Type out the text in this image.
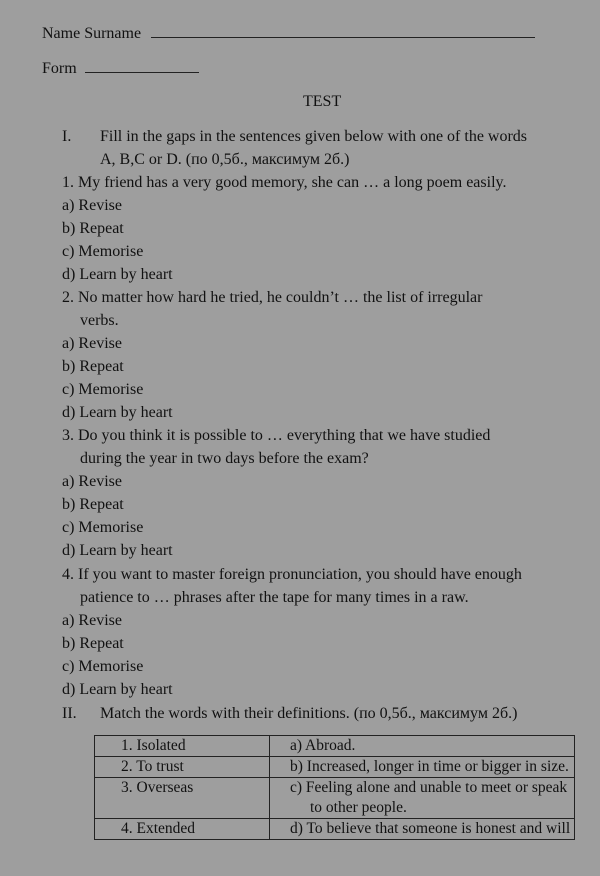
Name Surname
Form
TEST
I. Fill in the gaps in the sentences given below with one of the words
A, B,C or D. (по 0,5б., максимум 2б.)
1. My friend has a very good memory, she can … a long poem easily.
a) Revise
b) Repeat
c) Memorise
d) Learn by heart
2. No matter how hard he tried, he couldn’t … the list of irregular
verbs.
a) Revise
b) Repeat
c) Memorise
d) Learn by heart
3. Do you think it is possible to … everything that we have studied
during the year in two days before the exam?
a) Revise
b) Repeat
c) Memorise
d) Learn by heart
4. If you want to master foreign pronunciation, you should have enough
patience to … phrases after the tape for many times in a raw.
a) Revise
b) Repeat
c) Memorise
d) Learn by heart
II. Match the words with their definitions. (по 0,5б., максимум 2б.)
1. Isolated	a) Abroad.
2. To trust	b) Increased, longer in time or bigger in size.
3. Overseas	c) Feeling alone and unable to meet or speak to other people.

4. Extended	d) To believe that someone is honest and will
